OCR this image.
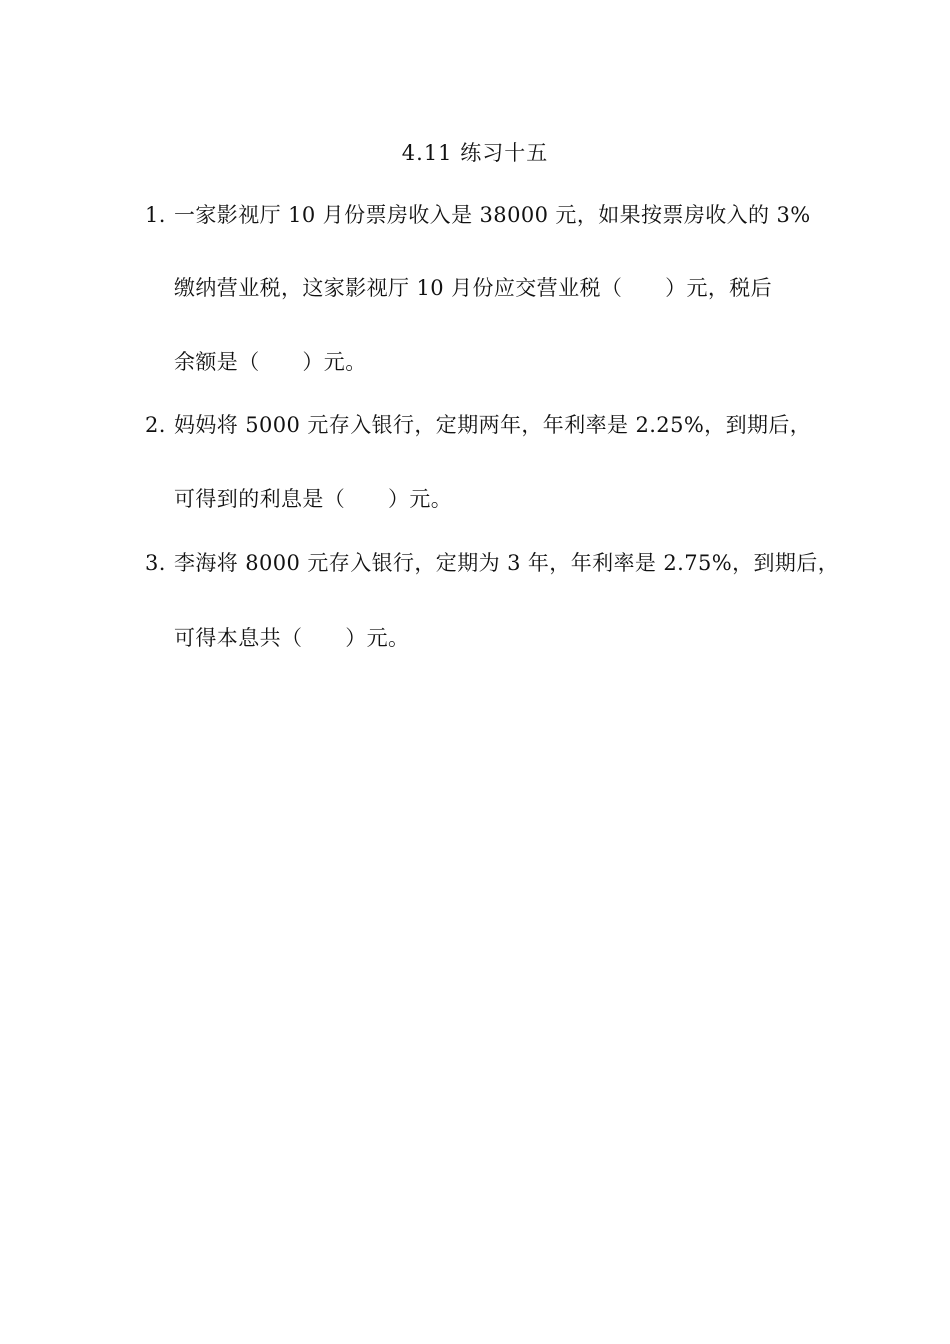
4.11 练习十五
1. 一家影视厅 10 月份票房收入是 38000 元，如果按票房收入的 3%
缴纳营业税，这家影视厅 10 月份应交营业税（　　）元，税后
余额是（　　）元。
2. 妈妈将 5000 元存入银行，定期两年，年利率是 2.25%，到期后，
可得到的利息是（　　）元。
3. 李海将 8000 元存入银行，定期为 3 年，年利率是 2.75%，到期后，
可得本息共（　　）元。
